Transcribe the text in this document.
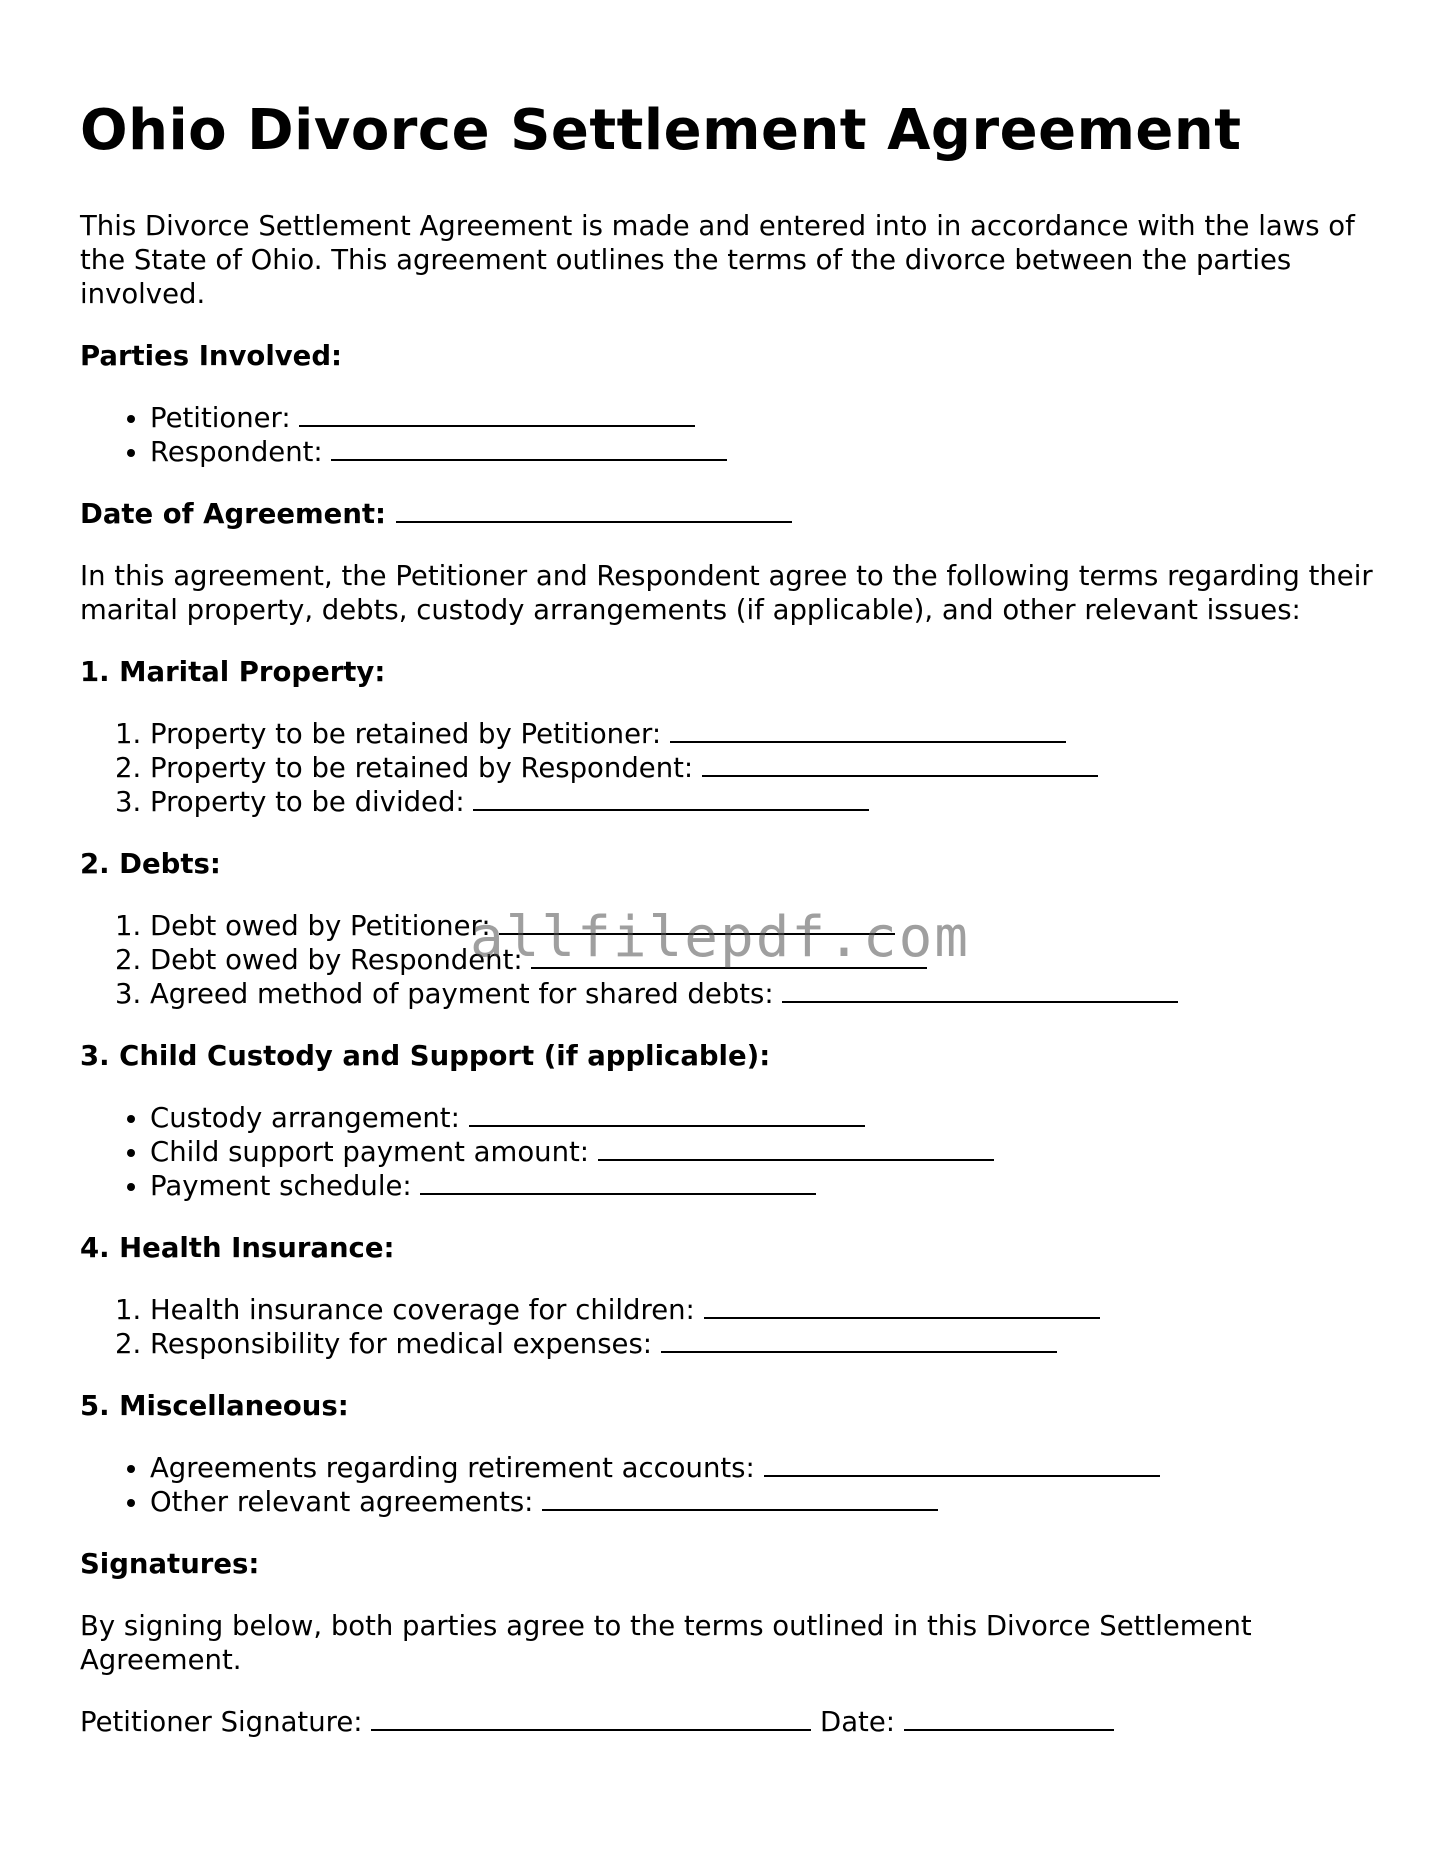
Ohio Divorce Settlement Agreement

This Divorce Settlement Agreement is made and entered into in accordance with the laws of the State of Ohio. This agreement outlines the terms of the divorce between the parties involved.

Parties Involved:

• Petitioner:
• Respondent:

Date of Agreement:

In this agreement, the Petitioner and Respondent agree to the following terms regarding their marital property, debts, custody arrangements (if applicable), and other relevant issues:

1. Marital Property:

1. Property to be retained by Petitioner:
2. Property to be retained by Respondent:
3. Property to be divided:

2. Debts:

1. Debt owed by Petitioner:
2. Debt owed by Respondent:
3. Agreed method of payment for shared debts:

3. Child Custody and Support (if applicable):

• Custody arrangement:
• Child support payment amount:
• Payment schedule:

4. Health Insurance:

1. Health insurance coverage for children:
2. Responsibility for medical expenses:

5. Miscellaneous:

• Agreements regarding retirement accounts:
• Other relevant agreements:

Signatures:

By signing below, both parties agree to the terms outlined in this Divorce Settlement Agreement.

Petitioner Signature:	Date:

allfilepdf.com
